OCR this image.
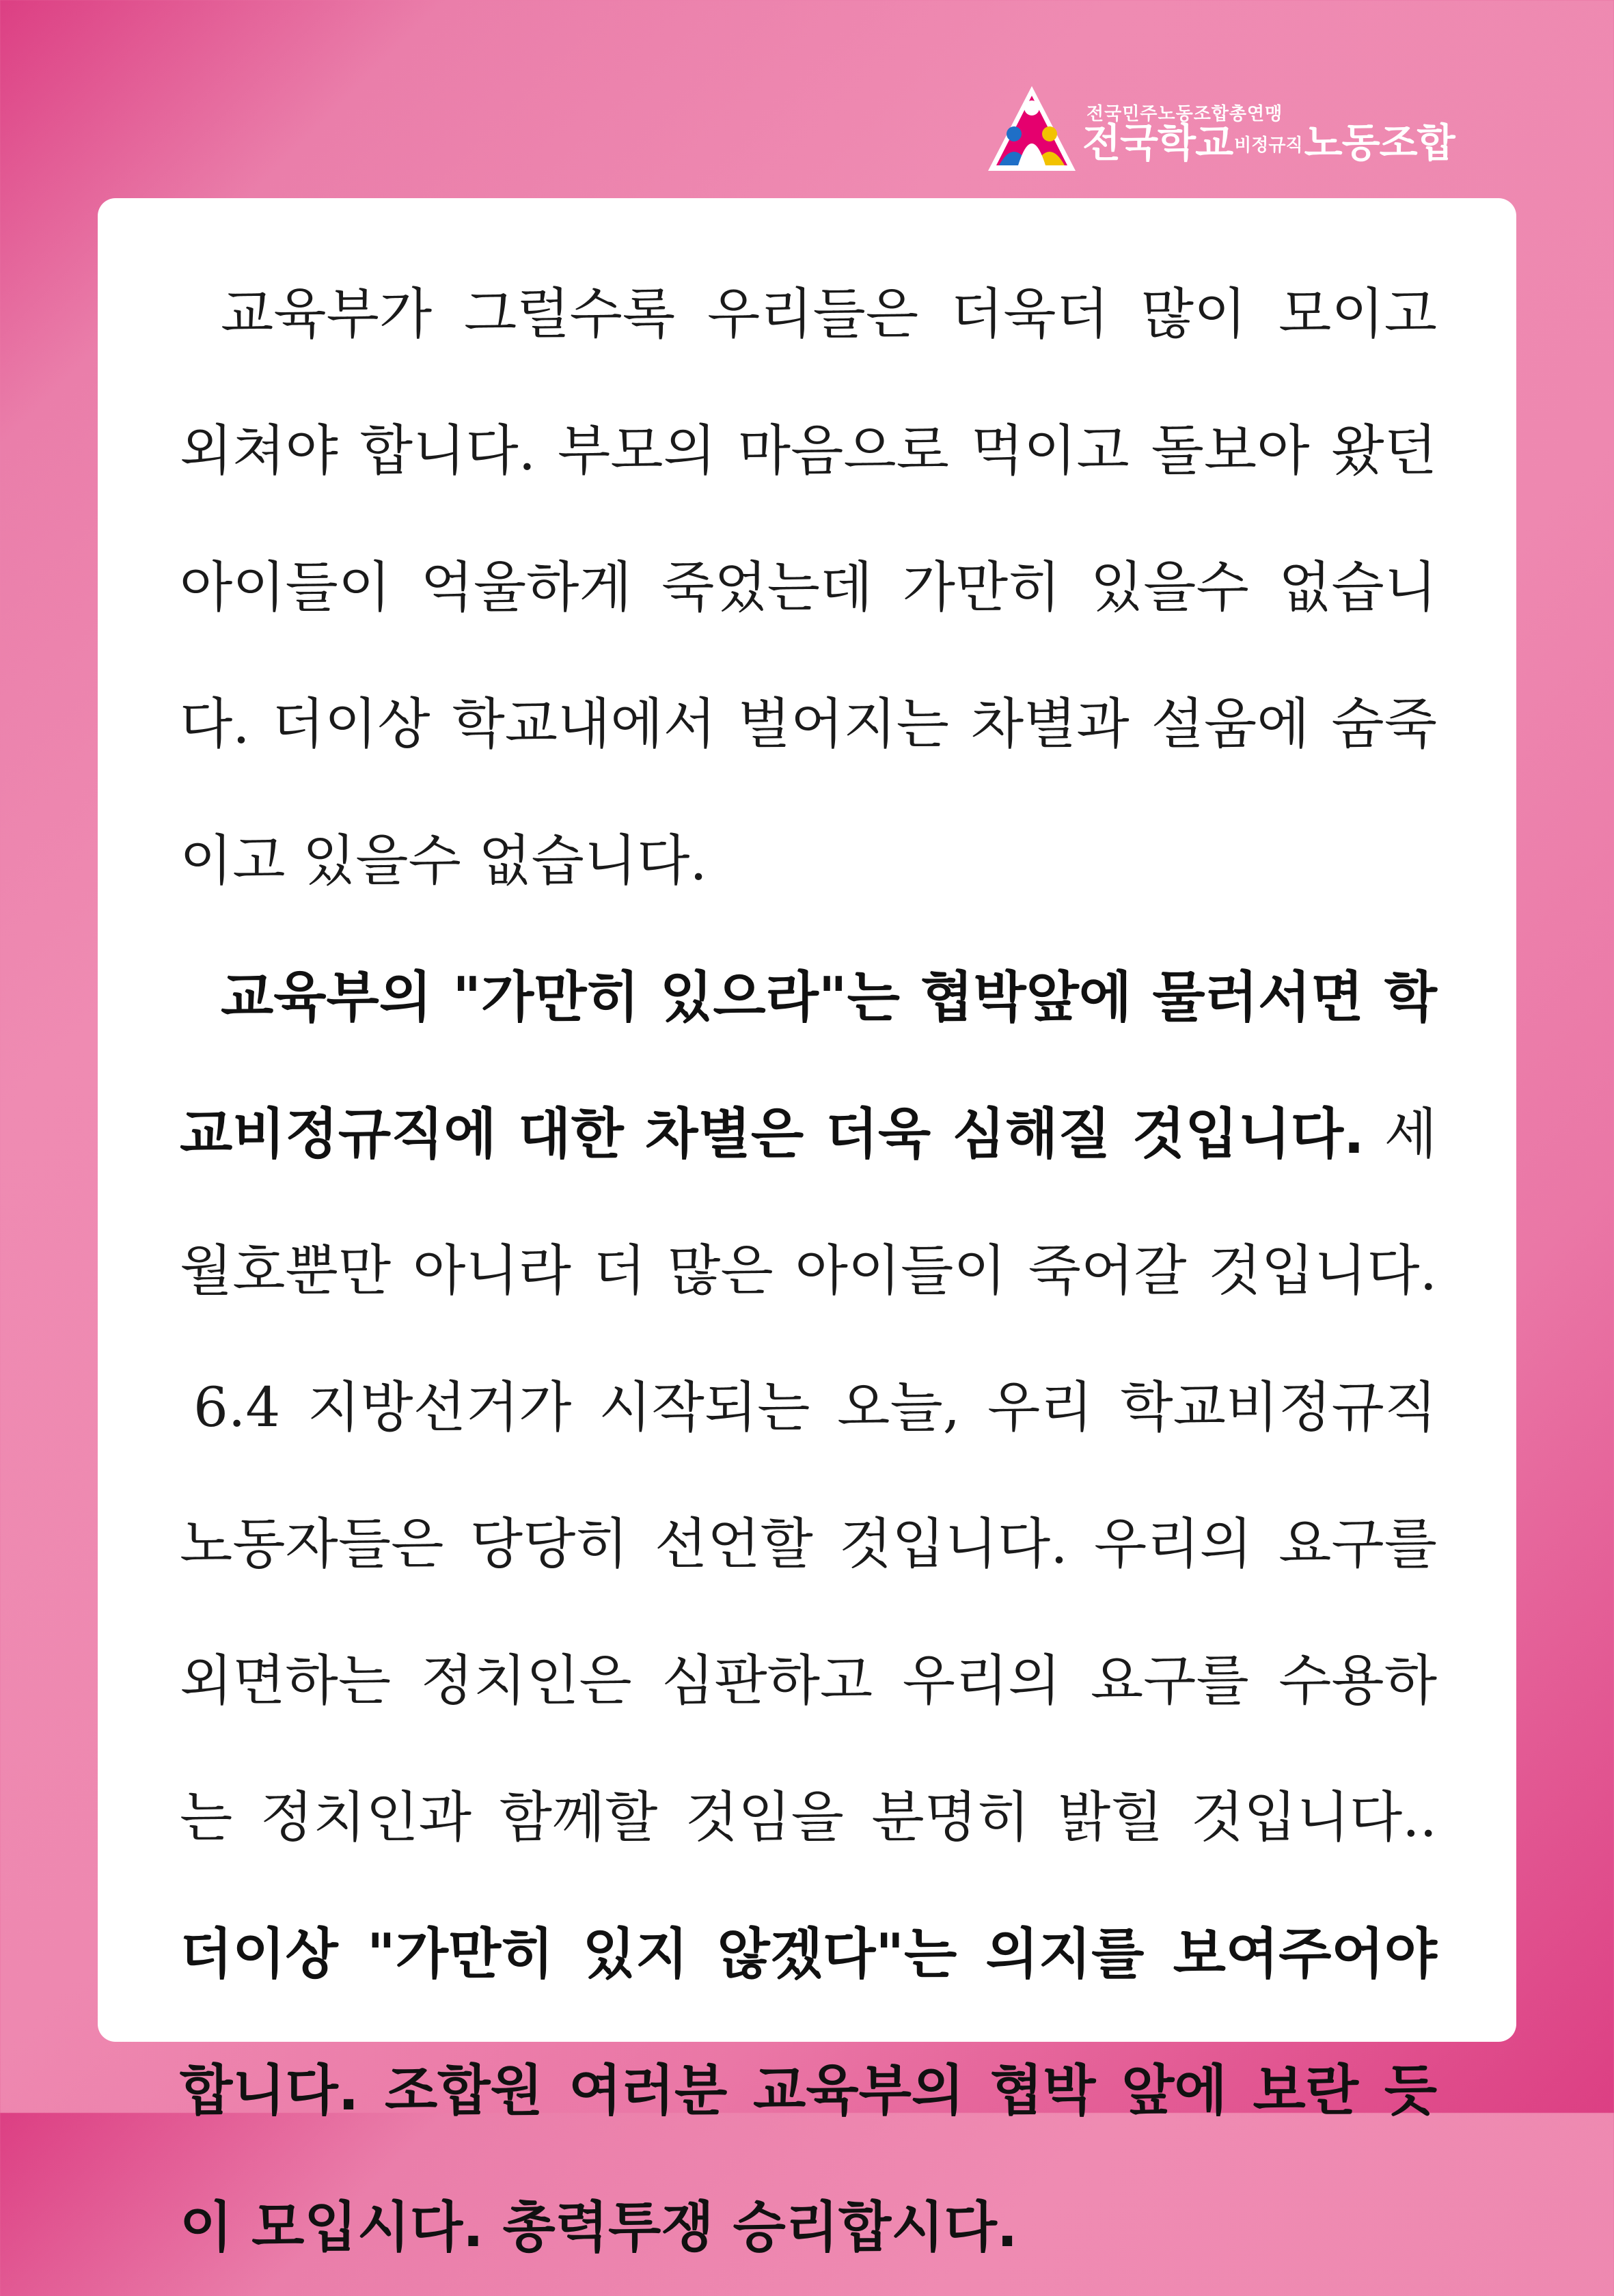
전국민주노동조합총연맹
전국학교비정규직노동조합
교육부가 그럴수록 우리들은 더욱더 많이 모이고
외쳐야 합니다. 부모의 마음으로 먹이고 돌보아 왔던
아이들이 억울하게 죽었는데 가만히 있을수 없습니
다. 더이상 학교내에서 벌어지는 차별과 설움에 숨죽
이고 있을수 없습니다.
교육부의 "가만히 있으라"는 협박앞에 물러서면 학
교비정규직에 대한 차별은 더욱 심해질 것입니다. 세
월호뿐만 아니라 더 많은 아이들이 죽어갈 것입니다.
6.4 지방선거가 시작되는 오늘, 우리 학교비정규직
노동자들은 당당히 선언할 것입니다. 우리의 요구를
외면하는 정치인은 심판하고 우리의 요구를 수용하
는 정치인과 함께할 것임을 분명히 밝힐 것입니다..
더이상 "가만히 있지 않겠다"는 의지를 보여주어야
합니다. 조합원 여러분 교육부의 협박 앞에 보란 듯
이 모입시다. 총력투쟁 승리합시다.
